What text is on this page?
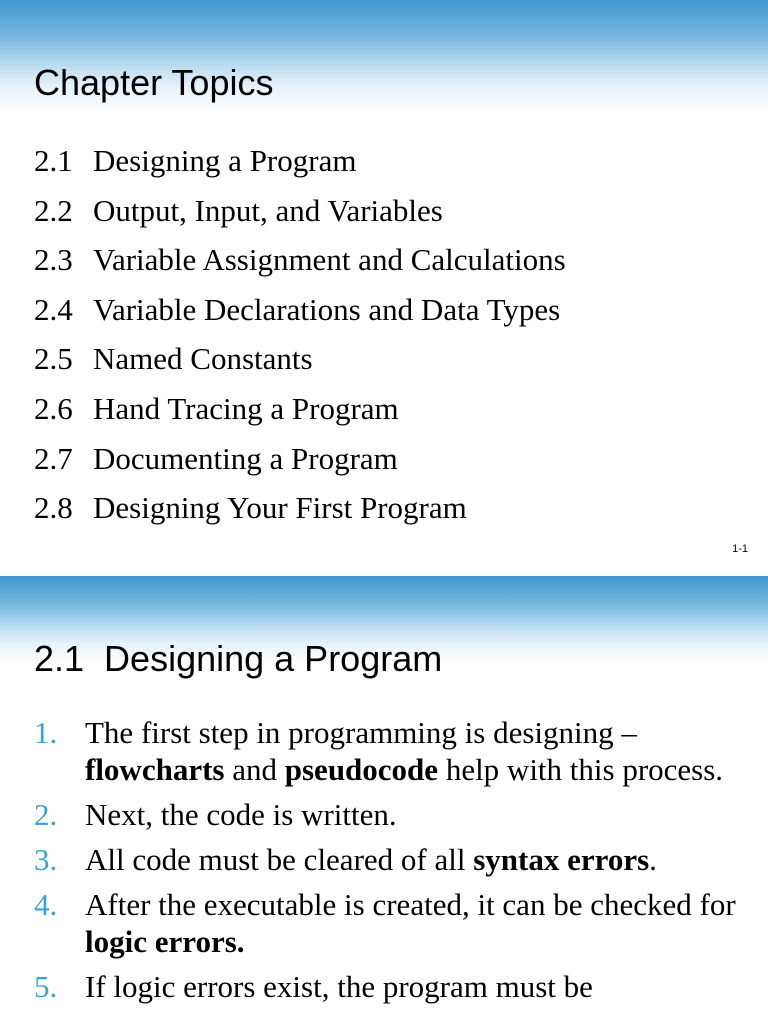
Chapter Topics
2.1 Designing a Program
2.2 Output, Input, and Variables
2.3 Variable Assignment and Calculations
2.4 Variable Declarations and Data Types
2.5 Named Constants
2.6 Hand Tracing a Program
2.7 Documenting a Program
2.8 Designing Your First Program
1-1
2.1  Designing a Program
1. The first step in programming is designing – flowcharts and pseudocode help with this process.
2. Next, the code is written.
3. All code must be cleared of all syntax errors.
4. After the executable is created, it can be checked for logic errors.
5. If logic errors exist, the program must be
